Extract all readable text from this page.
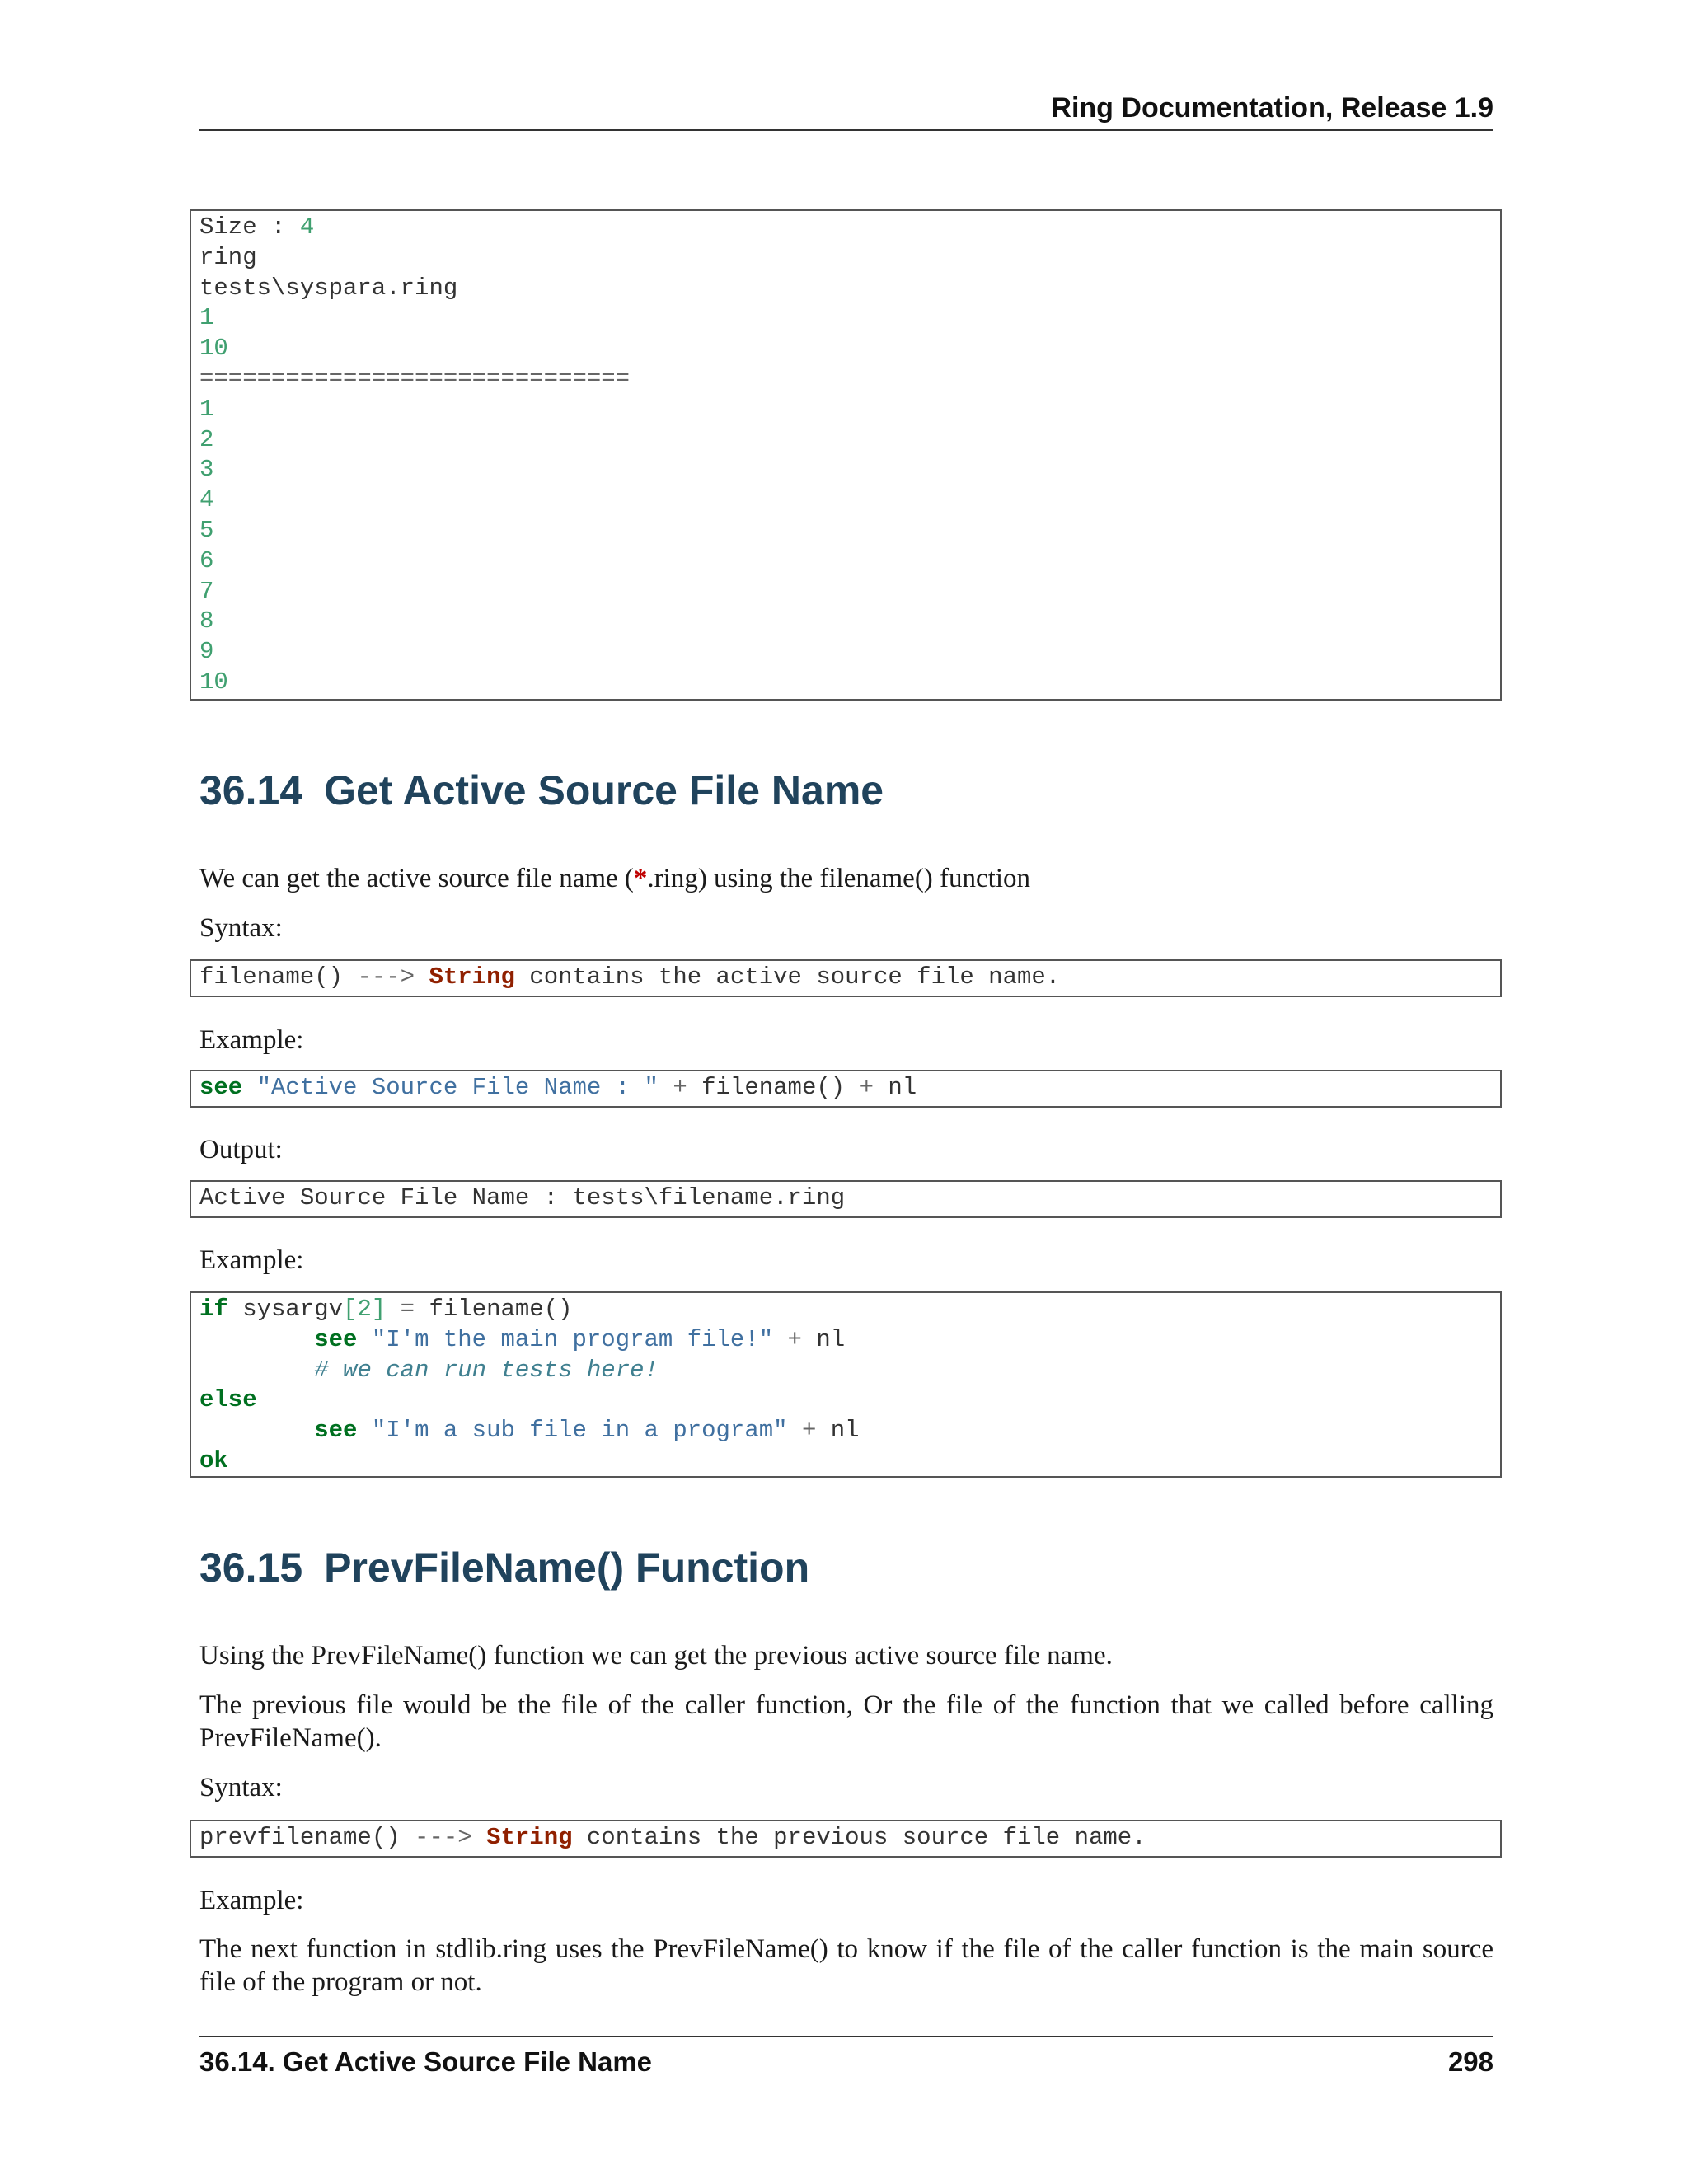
Ring Documentation, Release 1.9
Size : 4
ring
tests\syspara.ring
1
10
==============================
1
2
3
4
5
6
7
8
9
10
36.14 Get Active Source File Name
We can get the active source file name (*.ring) using the filename() function
Syntax:
filename() ---> String contains the active source file name.
Example:
see "Active Source File Name : " + filename() + nl
Output:
Active Source File Name : tests\filename.ring
Example:
if sysargv[2] = filename()
see "I'm the main program file!" + nl
# we can run tests here!
else
see "I'm a sub file in a program" + nl
ok
36.15 PrevFileName() Function
Using the PrevFileName() function we can get the previous active source file name.
The previous file would be the file of the caller function, Or the file of the function that we called before calling PrevFileName().
Syntax:
prevfilename() ---> String contains the previous source file name.
Example:
The next function in stdlib.ring uses the PrevFileName() to know if the file of the caller function is the main source file of the program or not.
36.14. Get Active Source File Name	298
